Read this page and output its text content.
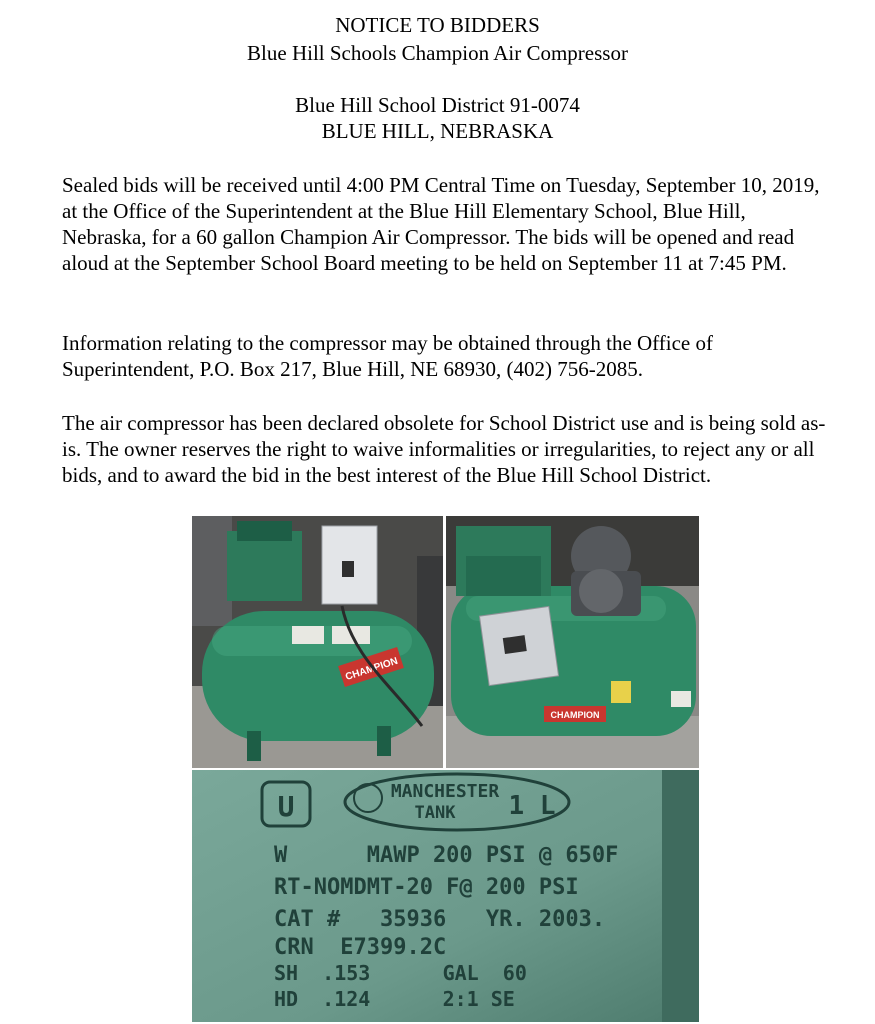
NOTICE TO BIDDERS
Blue Hill Schools Champion Air Compressor
Blue Hill School District 91-0074
BLUE HILL, NEBRASKA

Sealed bids will be received until 4:00 PM Central Time on Tuesday, September 10, 2019, at the Office of the Superintendent at the Blue Hill Elementary School, Blue Hill, Nebraska, for a 60 gallon Champion Air Compressor. The bids will be opened and read aloud at the September School Board meeting to be held on September 11 at 7:45 PM.

Information relating to the compressor may be obtained through the Office of Superintendent, P.O. Box 217, Blue Hill, NE 68930, (402) 756-2085.

The air compressor has been declared obsolete for School District use and is being sold as-is. The owner reserves the right to waive informalities or irregularities, to reject any or all bids, and to award the bid in the best interest of the Blue Hill School District.

CHAMPION
CHAMPION
U	MANCHESTER
TANK 1 L
W      MAWP 200 PSI @ 650F
RT-NOMDMT-20 F@ 200 PSI
CAT #   35936   YR. 2003.
CRN  E7399.2C
SH  .153      GAL  60
HD  .124      2:1 SE
